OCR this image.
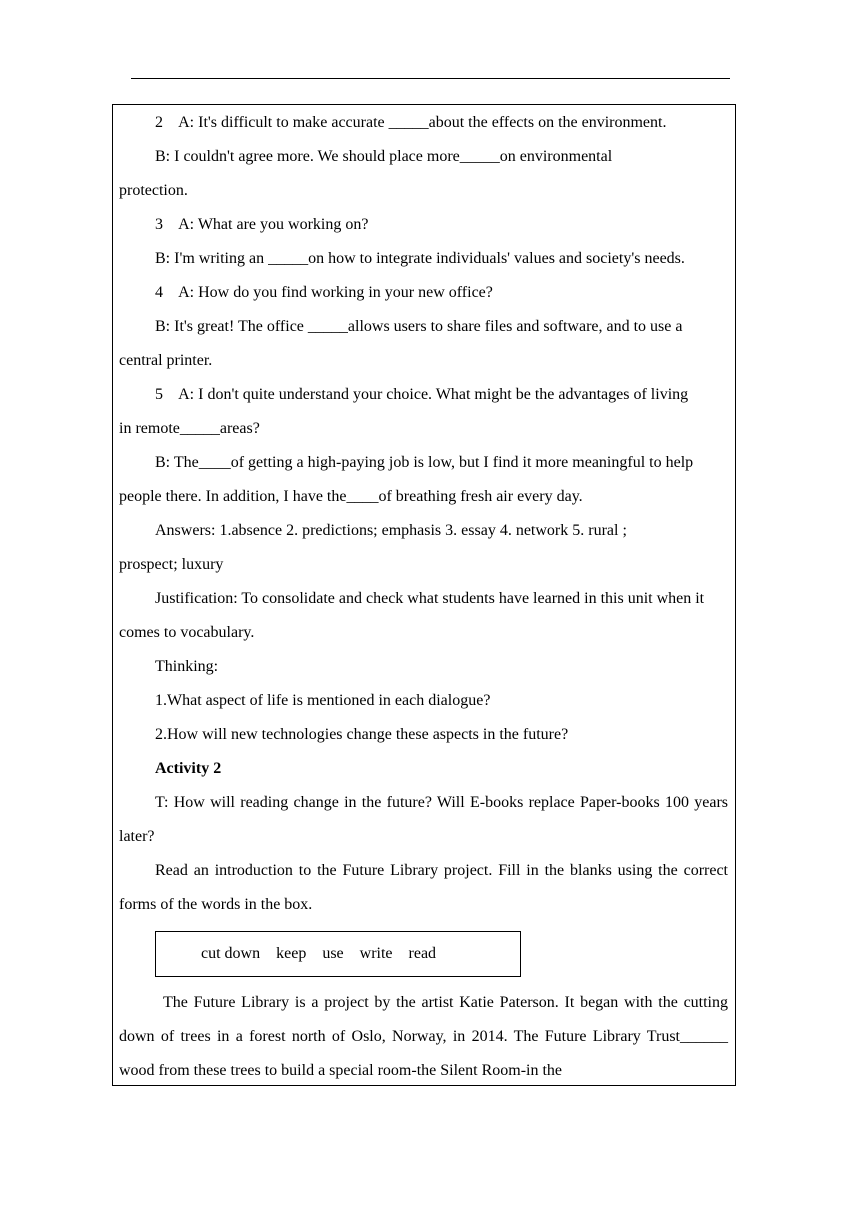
2    A: It's difficult to make accurate _____about the effects on the environment.

B: I couldn't agree more. We should place more_____on environmental protection.

3    A: What are you working on?

B: I'm writing an _____on how to integrate individuals' values and society's needs.

4    A: How do you find working in your new office?

B: It's great! The office _____allows users to share files and software, and to use a central printer.

5    A: I don't quite understand your choice. What might be the advantages of living in remote_____areas?

B: The____of getting a high-paying job is low, but I find it more meaningful to help people there. In addition, I have the____of breathing fresh air every day.

Answers: 1.absence 2. predictions; emphasis 3. essay 4. network 5. rural ; prospect; luxury

Justification: To consolidate and check what students have learned in this unit when it comes to vocabulary.

Thinking:

1.What aspect of life is mentioned in each dialogue?

2.How will new technologies change these aspects in the future?

Activity 2

T: How will reading change in the future? Will E-books replace Paper-books 100 years later?

Read an introduction to the Future Library project. Fill in the blanks using the correct forms of the words in the box.

cut down keep use write read

The Future Library is a project by the artist Katie Paterson. It began with the cutting down of trees in a forest north of Oslo, Norway, in 2014. The Future Library Trust______ wood from these trees to build a special room-the Silent Room-in the
